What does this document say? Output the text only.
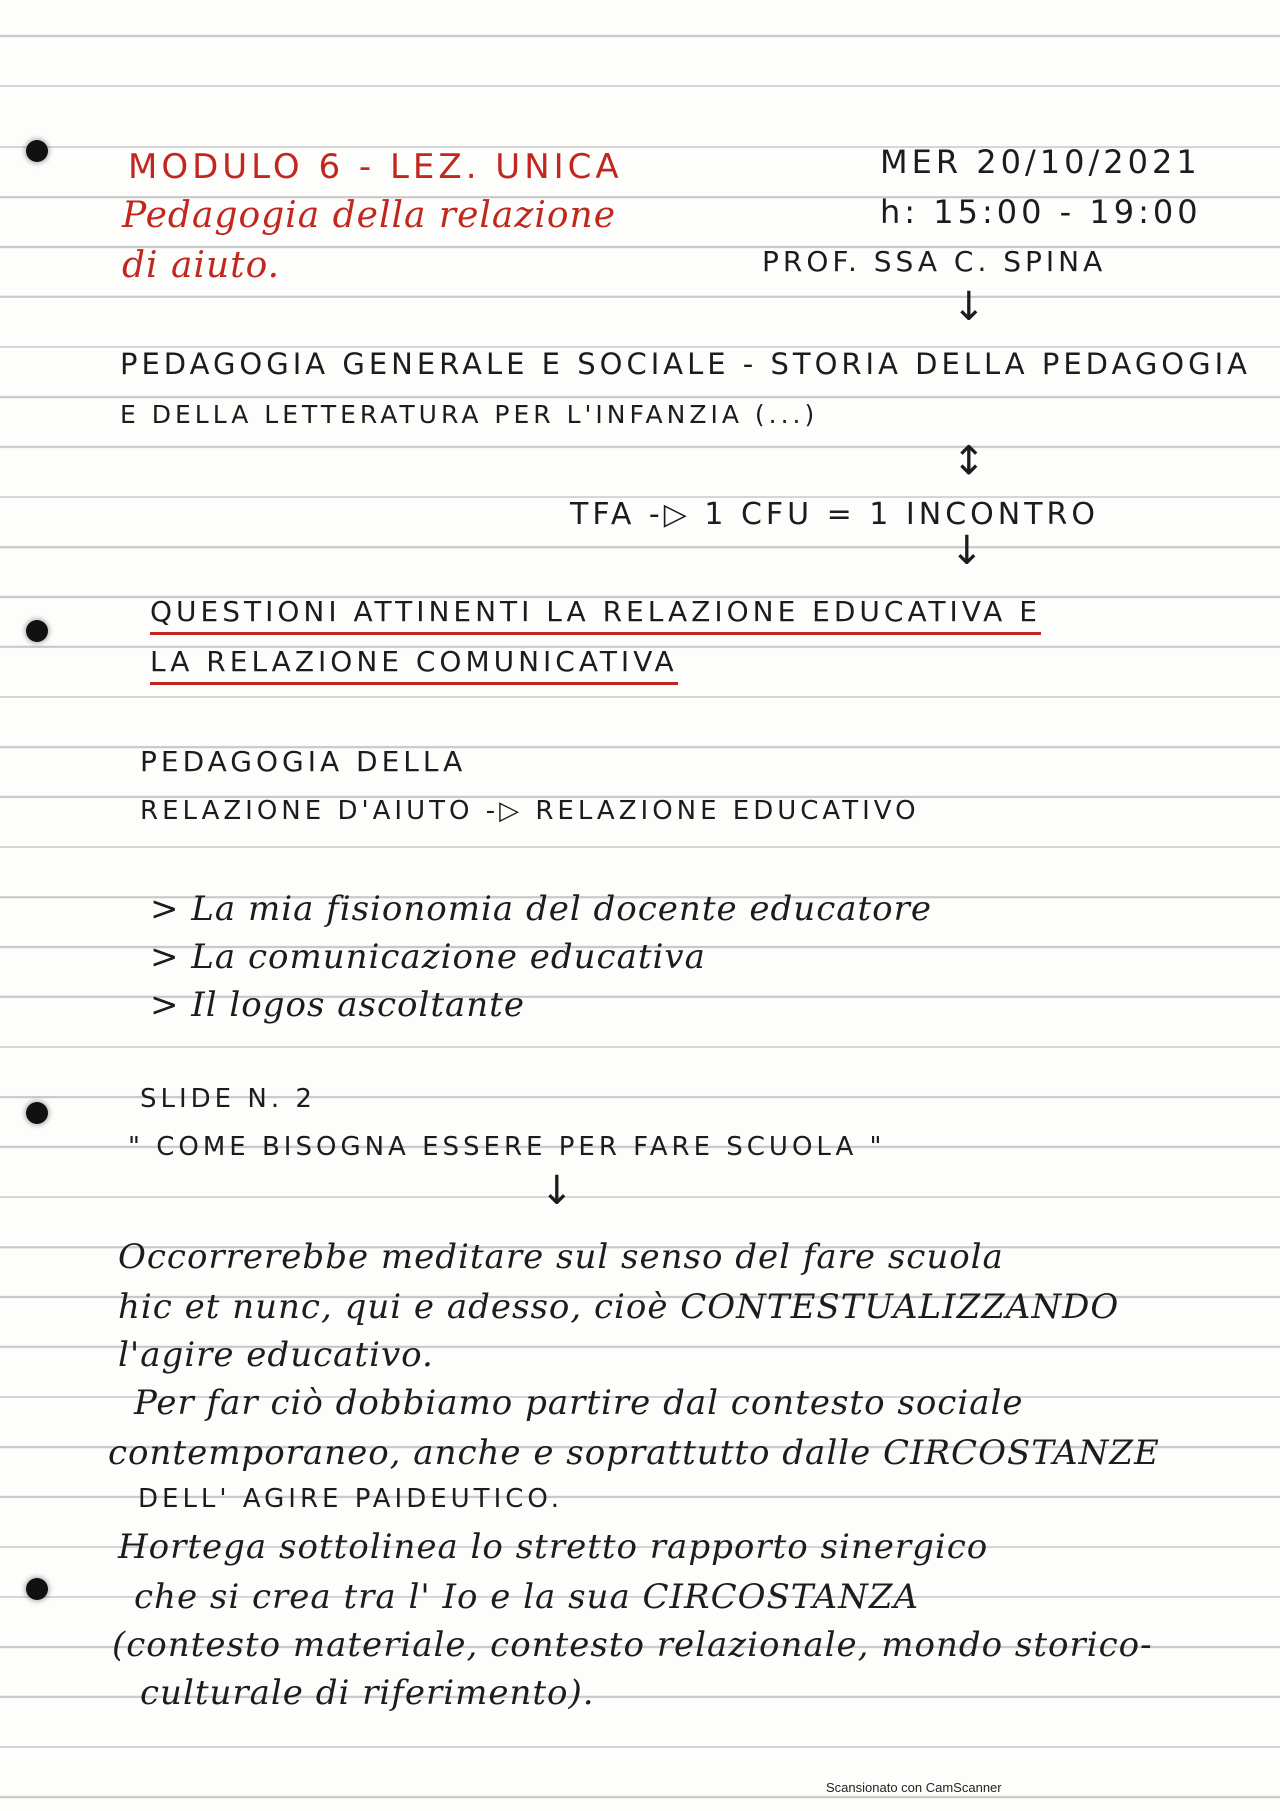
MODULO 6 - LEZ. UNICA
Pedagogia della relazione
di aiuto.
MER 20/10/2021
h: 15:00 - 19:00
PROF. SSA C. SPINA
↓
PEDAGOGIA GENERALE E SOCIALE - STORIA DELLA PEDAGOGIA
E DELLA LETTERATURA PER L'INFANZIA (...)
↕
TFA -▷ 1 CFU = 1 INCONTRO
↓
QUESTIONI ATTINENTI LA RELAZIONE EDUCATIVA E
LA RELAZIONE COMUNICATIVA
PEDAGOGIA DELLA
RELAZIONE D'AIUTO -▷ RELAZIONE EDUCATIVO
> La mia fisionomia del docente educatore
> La comunicazione educativa
> Il logos ascoltante
SLIDE N. 2
" COME BISOGNA ESSERE PER FARE SCUOLA "
↓
Occorrerebbe meditare sul senso del fare scuola
hic et nunc, qui e adesso, cioè CONTESTUALIZZANDO
l'agire educativo.
Per far ciò dobbiamo partire dal contesto sociale
contemporaneo, anche e soprattutto dalle CIRCOSTANZE
DELL' AGIRE PAIDEUTICO.
Hortega sottolinea lo stretto rapporto sinergico
che si crea tra l' Io e la sua CIRCOSTANZA
(contesto materiale, contesto relazionale, mondo storico-
culturale di riferimento).
Scansionato con CamScanner
